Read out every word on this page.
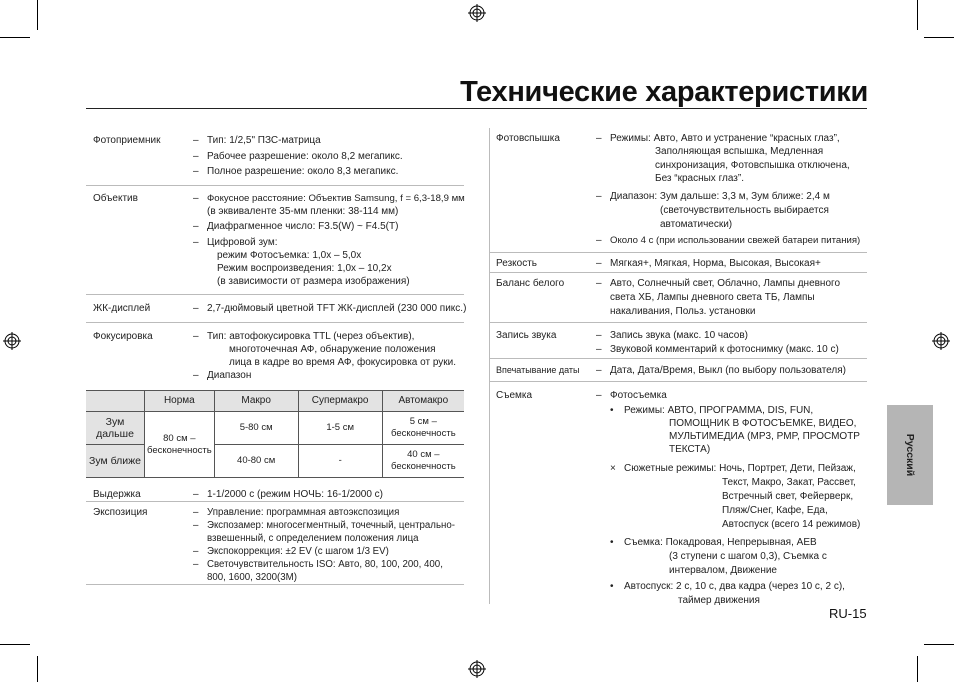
Технические характеристики
Фотоприемник	– Тип: 1/2,5" ПЗС-матрица
– Рабочее разрешение: около 8,2 мегапикс.
– Полное разрешение: около 8,3 мегапикс.
Объектив	– Фокусное расстояние: Объектив Samsung, f = 6,3-18,9 мм
(в эквиваленте 35-мм пленки: 38-114 мм)
– Диафрагменное число: F3.5(W) ~ F4.5(T)
– Цифровой зум:
режим Фотосъемка: 1,0x – 5,0x
Режим воспроизведения: 1,0x – 10,2x
(в зависимости от размера изображения)
ЖК-дисплей	– 2,7-дюймовый цветной TFT ЖК-дисплей (230 000 пикс.)
Фокусировка	– Тип: автофокусировка TTL (через объектив),
многоточечная АФ, обнаружение положения
лица в кадре во время АФ, фокусировка от руки.
– Диапазон
	Норма	Макро	Супермакро	Автомакро
Зум дальше	80 см – бесконечность	5-80 см	1-5 см	5 см – бесконечность
Зум ближе		40-80 см	-	40 см – бесконечность
Выдержка	– 1-1/2000 с (режим НОЧЬ: 16-1/2000 с)
Экспозиция	– Управление: программная автоэкспозиция
– Экспозамер: многосегментный, точечный, центрально-
взвешенный, с определением положения лица
– Экспокоррекция: ±2 EV (с шагом 1/3 EV)
– Светочувствительность ISO: Авто, 80, 100, 200, 400,
800, 1600, 3200(3M)
Фотовспышка	– Режимы: Авто, Авто и устранение “красных глаз”,
Заполняющая вспышка, Медленная
синхронизация, Фотовспышка отключена,
Без “красных глаз”.
– Диапазон: Зум дальше: 3,3 м, Зум ближе: 2,4 м
(светочувствительность выбирается
автоматически)
– Около 4 с (при использовании свежей батареи питания)
Резкость	– Мягкая+, Мягкая, Норма, Высокая, Высокая+
Баланс белого	– Авто, Солнечный свет, Облачно, Лампы дневного
света ХБ, Лампы дневного света ТБ, Лампы
накаливания, Польз. установки
Запись звука	– Запись звука (макс. 10 часов)
– Звуковой комментарий к фотоснимку (макс. 10 с)
Впечатывание даты – Дата, Дата/Время, Выкл (по выбору пользователя)
Съемка	– Фотосъемка
• Режимы: АВТО, ПРОГРАММА, DIS, FUN,
ПОМОЩНИК В ФОТОСЪЕМКЕ, ВИДЕО,
МУЛЬТИМЕДИА (MP3, PMP, ПРОСМОТР
ТЕКСТА)
× Сюжетные режимы: Ночь, Портрет, Дети, Пейзаж,
Текст, Макро, Закат, Рассвет,
Встречный свет, Фейерверк,
Пляж/Снег, Кафе, Еда,
Автоспуск (всего 14 режимов)
• Съемка: Покадровая, Непрерывная, AEB
(3 ступени с шагом 0,3), Съемка с
интервалом, Движение
• Автоспуск: 2 с, 10 с, два кадра (через 10 с, 2 с),
таймер движения
Русский
RU-15
